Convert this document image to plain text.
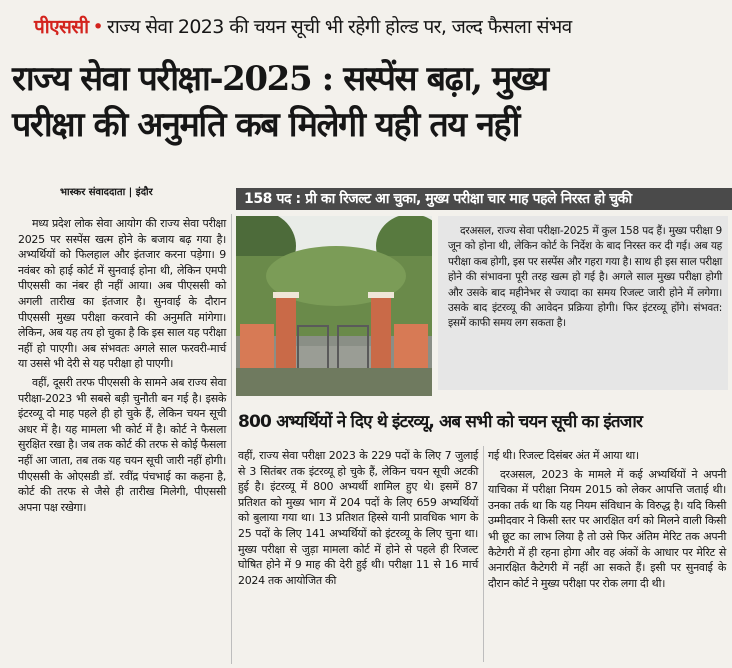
पीएससी • राज्य सेवा 2023 की चयन सूची भी रहेगी होल्ड पर, जल्द फैसला संभव
राज्य सेवा परीक्षा-2025 : सस्पेंस बढ़ा, मुख्य
परीक्षा की अनुमति कब मिलेगी यही तय नहीं
भास्कर संवाददाता | इंदौर	158 पद : प्री का रिजल्ट आ चुका, मुख्य परीक्षा चार माह पहले निरस्त हो चुकी

मध्य प्रदेश लोक सेवा आयोग की राज्य सेवा परीक्षा 2025 पर सस्पेंस खत्म होने के बजाय बढ़ गया है। अभ्यर्थियों को फिलहाल और इंतजार करना पड़ेगा। 9 नवंबर को हाई कोर्ट में सुनवाई होना थी, लेकिन एमपी पीएससी का नंबर ही नहीं आया। अब पीएससी को अगली तारीख का इंतजार है। सुनवाई के दौरान पीएससी मुख्य परीक्षा करवाने की अनुमति मांगेगा। लेकिन, अब यह तय हो चुका है कि इस साल यह परीक्षा नहीं हो पाएगी। अब संभवतः अगले साल फरवरी-मार्च या उससे भी देरी से यह परीक्षा हो पाएगी।

वहीं, दूसरी तरफ पीएससी के सामने अब राज्य सेवा परीक्षा-2023 भी सबसे बड़ी चुनौती बन गई है। इसके इंटरव्यू दो माह पहले ही हो चुके हैं, लेकिन चयन सूची अधर में है। यह मामला भी कोर्ट में है। कोर्ट ने फैसला सुरक्षित रखा है। जब तक कोर्ट की तरफ से कोई फैसला नहीं आ जाता, तब तक यह चयन सूची जारी नहीं होगी। पीएससी के ओएसडी डॉ. रवींद्र पंचभाई का कहना है, कोर्ट की तरफ से जैसे ही तारीख मिलेगी, पीएससी अपना पक्ष रखेगा।

दरअसल, राज्य सेवा परीक्षा-2025 में कुल 158 पद हैं। मुख्य परीक्षा 9 जून को होना थी, लेकिन कोर्ट के निर्देश के बाद निरस्त कर दी गई। अब यह परीक्षा कब होगी, इस पर सस्पेंस और गहरा गया है। साथ ही इस साल परीक्षा होने की संभावना पूरी तरह खत्म हो गई है। अगले साल मुख्य परीक्षा होगी और उसके बाद महीनेभर से ज्यादा का समय रिजल्ट जारी होने में लगेगा। उसके बाद इंटरव्यू की आवेदन प्रक्रिया होगी। फिर इंटरव्यू होंगे। संभवत: इसमें काफी समय लग सकता है।

800 अभ्यर्थियों ने दिए थे इंटरव्यू, अब सभी को चयन सूची का इंतजार

वहीं, राज्य सेवा परीक्षा 2023 के 229 पदों के लिए 7 जुलाई से 3 सितंबर तक इंटरव्यू हो चुके हैं, लेकिन चयन सूची अटकी हुई है। इंटरव्यू में 800 अभ्यर्थी शामिल हुए थे। इसमें 87 प्रतिशत को मुख्य भाग में 204 पदों के लिए 659 अभ्यर्थियों को बुलाया गया था। 13 प्रतिशत हिस्से यानी प्रावधिक भाग के 25 पदों के लिए 141 अभ्यर्थियों को इंटरव्यू के लिए चुना था। मुख्य परीक्षा से जुड़ा मामला कोर्ट में होने से पहले ही रिजल्ट घोषित होने में 9 माह की देरी हुई थी। परीक्षा 11 से 16 मार्च 2024 तक आयोजित की

गई थी। रिजल्ट दिसंबर अंत में आया था।

दरअसल, 2023 के मामले में कई अभ्यर्थियों ने अपनी याचिका में परीक्षा नियम 2015 को लेकर आपत्ति जताई थी। उनका तर्क था कि यह नियम संविधान के विरुद्ध है। यदि किसी उम्मीदवार ने किसी स्तर पर आरक्षित वर्ग को मिलने वाली किसी भी छूट का लाभ लिया है तो उसे फिर अंतिम मेरिट तक अपनी कैटेगरी में ही रहना होगा और वह अंकों के आधार पर मेरिट से अनारक्षित कैटेगरी में नहीं आ सकते हैं। इसी पर सुनवाई के दौरान कोर्ट ने मुख्य परीक्षा पर रोक लगा दी थी।
